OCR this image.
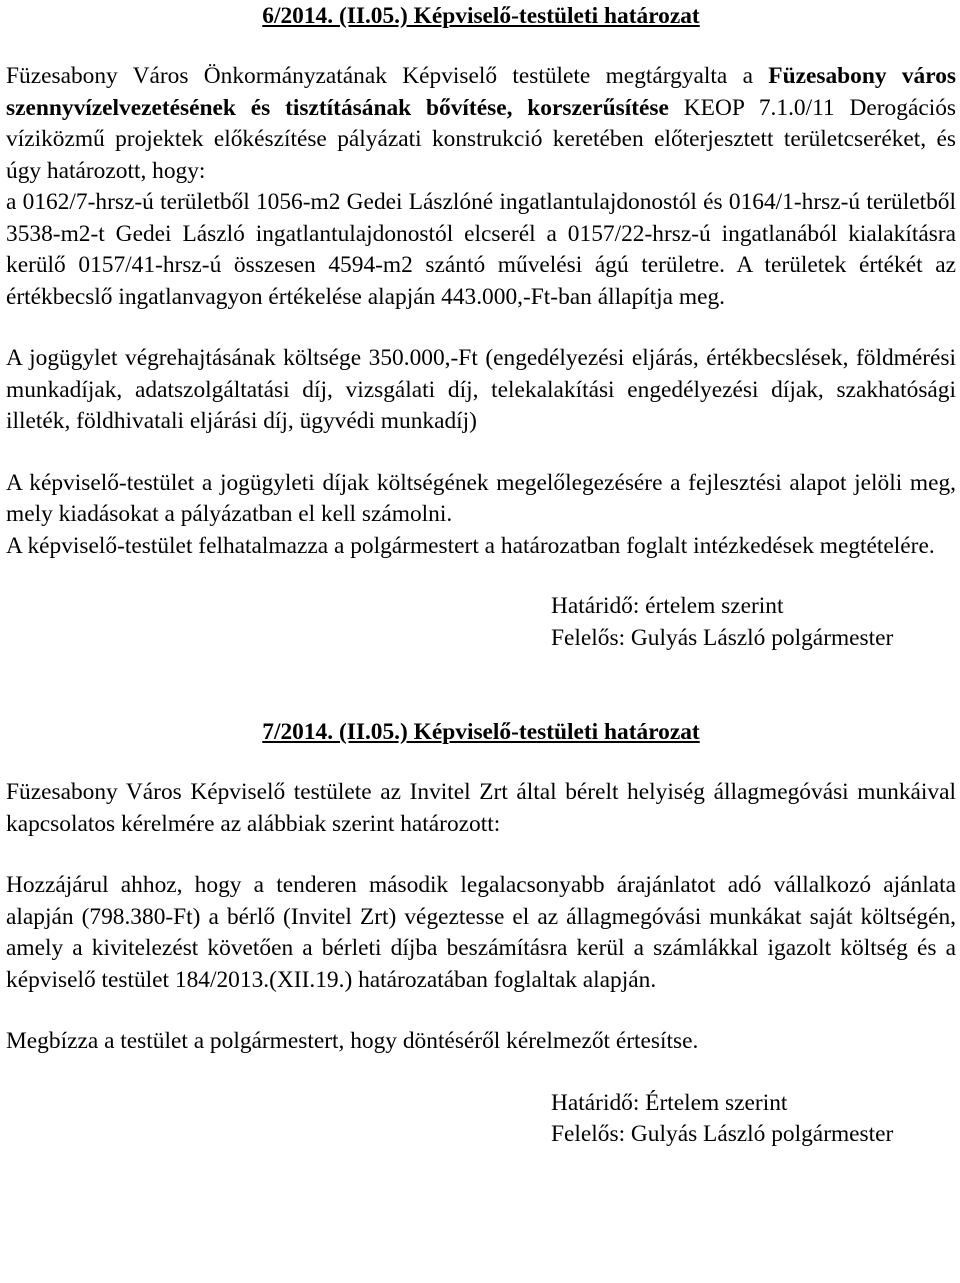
6/2014. (II.05.) Képviselő-testületi határozat

Füzesabony Város Önkormányzatának Képviselő testülete megtárgyalta a Füzesabony város szennyvízelvezetésének és tisztításának bővítése, korszerűsítése KEOP 7.1.0/11 Derogációs víziközmű projektek előkészítése pályázati konstrukció keretében előterjesztett területcseréket, és úgy határozott, hogy:

a 0162/7-hrsz-ú területből 1056-m2 Gedei Lászlóné ingatlantulajdonostól és 0164/1-hrsz-ú területből 3538-m2-t Gedei László ingatlantulajdonostól elcserél a 0157/22-hrsz-ú ingatlanából kialakításra kerülő 0157/41-hrsz-ú összesen 4594-m2 szántó művelési ágú területre. A területek értékét az értékbecslő ingatlanvagyon értékelése alapján 443.000,-Ft-ban állapítja meg.

A jogügylet végrehajtásának költsége 350.000,-Ft (engedélyezési eljárás, értékbecslések, földmérési munkadíjak, adatszolgáltatási díj, vizsgálati díj, telekalakítási engedélyezési díjak, szakhatósági illeték, földhivatali eljárási díj, ügyvédi munkadíj)

A képviselő-testület a jogügyleti díjak költségének megelőlegezésére a fejlesztési alapot jelöli meg, mely kiadásokat a pályázatban el kell számolni.

A képviselő-testület felhatalmazza a polgármestert a határozatban foglalt intézkedések megtételére.

Határidő: értelem szerint
Felelős: Gulyás László polgármester
7/2014. (II.05.) Képviselő-testületi határozat

Füzesabony Város Képviselő testülete az Invitel Zrt által bérelt helyiség állagmegóvási munkáival kapcsolatos kérelmére az alábbiak szerint határozott:

Hozzájárul ahhoz, hogy a tenderen második legalacsonyabb árajánlatot adó vállalkozó ajánlata alapján (798.380-Ft) a bérlő (Invitel Zrt) végeztesse el az állagmegóvási munkákat saját költségén, amely a kivitelezést követően a bérleti díjba beszámításra kerül a számlákkal igazolt költség és a képviselő testület 184/2013.(XII.19.) határozatában foglaltak alapján.

Megbízza a testület a polgármestert, hogy döntéséről kérelmezőt értesítse.

Határidő: Értelem szerint
Felelős: Gulyás László polgármester
